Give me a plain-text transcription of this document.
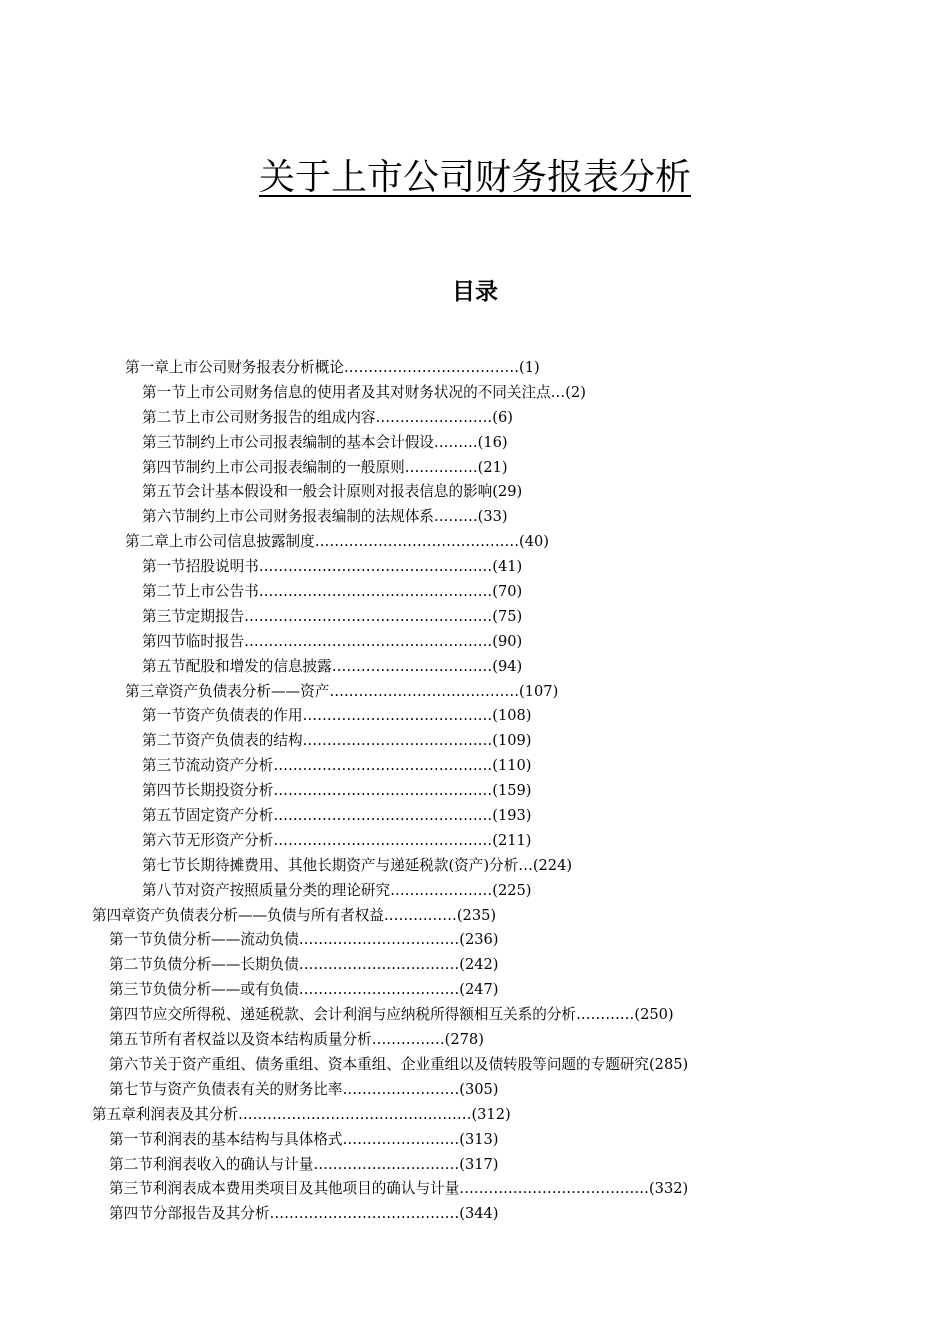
关于上市公司财务报表分析
目录
第一章上市公司财务报表分析概论………………………………(1)
第一节上市公司财务信息的使用者及其对财务状况的不同关注点…(2)
第二节上市公司财务报告的组成内容……………………(6)
第三节制约上市公司报表编制的基本会计假设………(16)
第四节制约上市公司报表编制的一般原则……………(21)
第五节会计基本假设和一般会计原则对报表信息的影响(29)
第六节制约上市公司财务报表编制的法规体系………(33)
第二章上市公司信息披露制度……………………………………(40)
第一节招股说明书…………………………………………(41)
第二节上市公告书…………………………………………(70)
第三节定期报告……………………………………………(75)
第四节临时报告……………………………………………(90)
第五节配股和增发的信息披露……………………………(94)
第三章资产负债表分析——资产…………………………………(107)
第一节资产负债表的作用…………………………………(108)
第二节资产负债表的结构…………………………………(109)
第三节流动资产分析………………………………………(110)
第四节长期投资分析………………………………………(159)
第五节固定资产分析………………………………………(193)
第六节无形资产分析………………………………………(211)
第七节长期待摊费用、其他长期资产与递延税款(资产)分析…(224)
第八节对资产按照质量分类的理论研究…………………(225)
第四章资产负债表分析——负债与所有者权益……………(235)
第一节负债分析——流动负债……………………………(236)
第二节负债分析——长期负债……………………………(242)
第三节负债分析——或有负债……………………………(247)
第四节应交所得税、递延税款、会计利润与应纳税所得额相互关系的分析…………(250)
第五节所有者权益以及资本结构质量分析……………(278)
第六节关于资产重组、债务重组、资本重组、企业重组以及债转股等问题的专题研究(285)
第七节与资产负债表有关的财务比率……………………(305)
第五章利润表及其分析…………………………………………(312)
第一节利润表的基本结构与具体格式……………………(313)
第二节利润表收入的确认与计量…………………………(317)
第三节利润表成本费用类项目及其他项目的确认与计量…………………………………(332)
第四节分部报告及其分析…………………………………(344)
